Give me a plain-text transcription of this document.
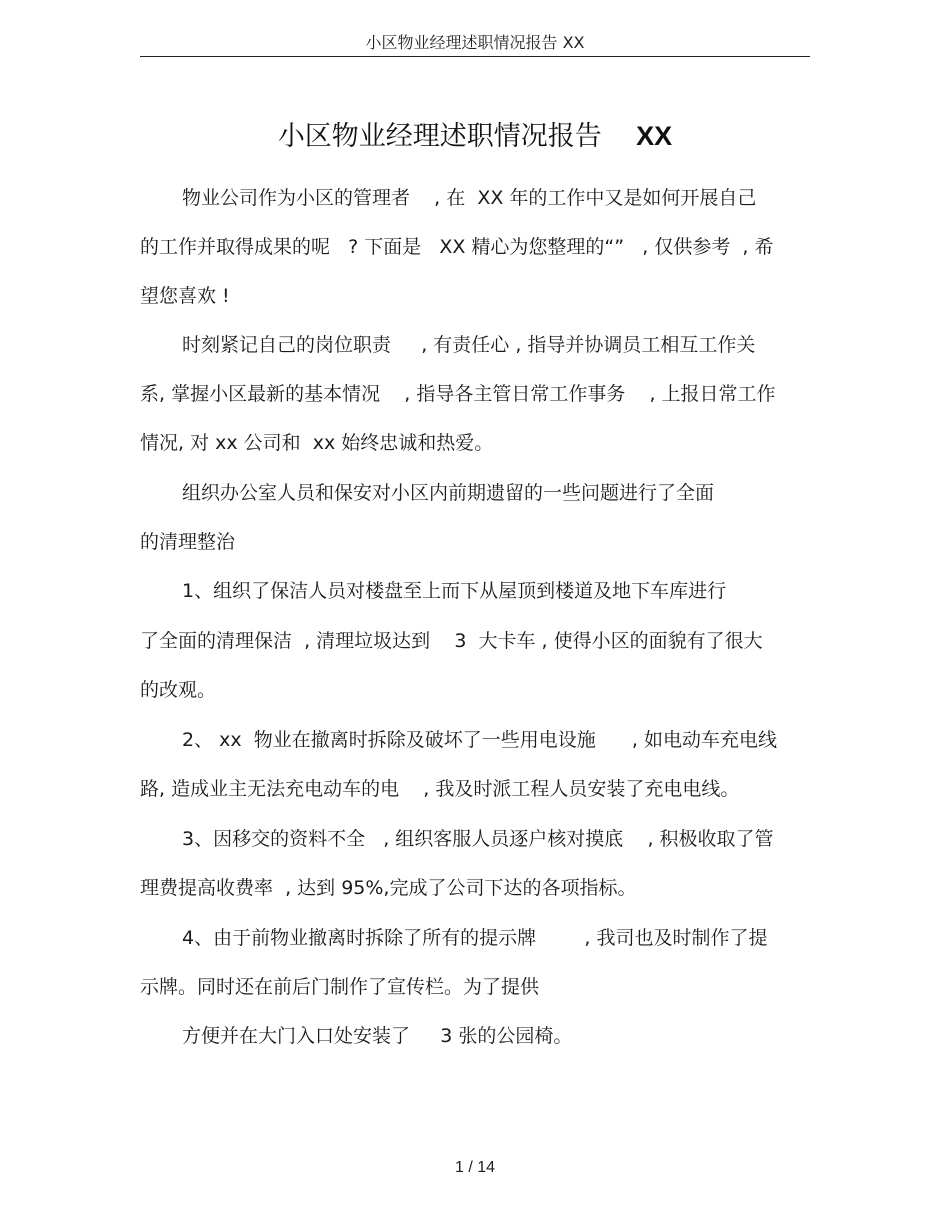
小区物业经理述职情况报告 XX
小区物业经理述职情况报告 XX
物业公司作为小区的管理者    , 在  XX 年的工作中又是如何开展自己
的工作并取得成果的呢   ? 下面是   XX 精心为您整理的“”   , 仅供参考  , 希
望您喜欢 !
时刻紧记自己的岗位职责     , 有责任心 , 指导并协调员工相互工作关
系, 掌握小区最新的基本情况    , 指导各主管日常工作事务    , 上报日常工作
情况, 对 xx 公司和  xx 始终忠诚和热爱。
组织办公室人员和保安对小区内前期遗留的一些问题进行了全面
的清理整治
1、组织了保洁人员对楼盘至上而下从屋顶到楼道及地下车库进行
了全面的清理保洁  , 清理垃圾达到    3  大卡车 , 使得小区的面貌有了很大
的改观。
2、 xx  物业在撤离时拆除及破坏了一些用电设施      , 如电动车充电线
路, 造成业主无法充电动车的电    , 我及时派工程人员安装了充电电线。
3、因移交的资料不全   , 组织客服人员逐户核对摸底    , 积极收取了管
理费提高收费率  , 达到 95%,完成了公司下达的各项指标。
4、由于前物业撤离时拆除了所有的提示牌        , 我司也及时制作了提
示牌。同时还在前后门制作了宣传栏。为了提供
方便并在大门入口处安装了     3 张的公园椅。
1 / 14
